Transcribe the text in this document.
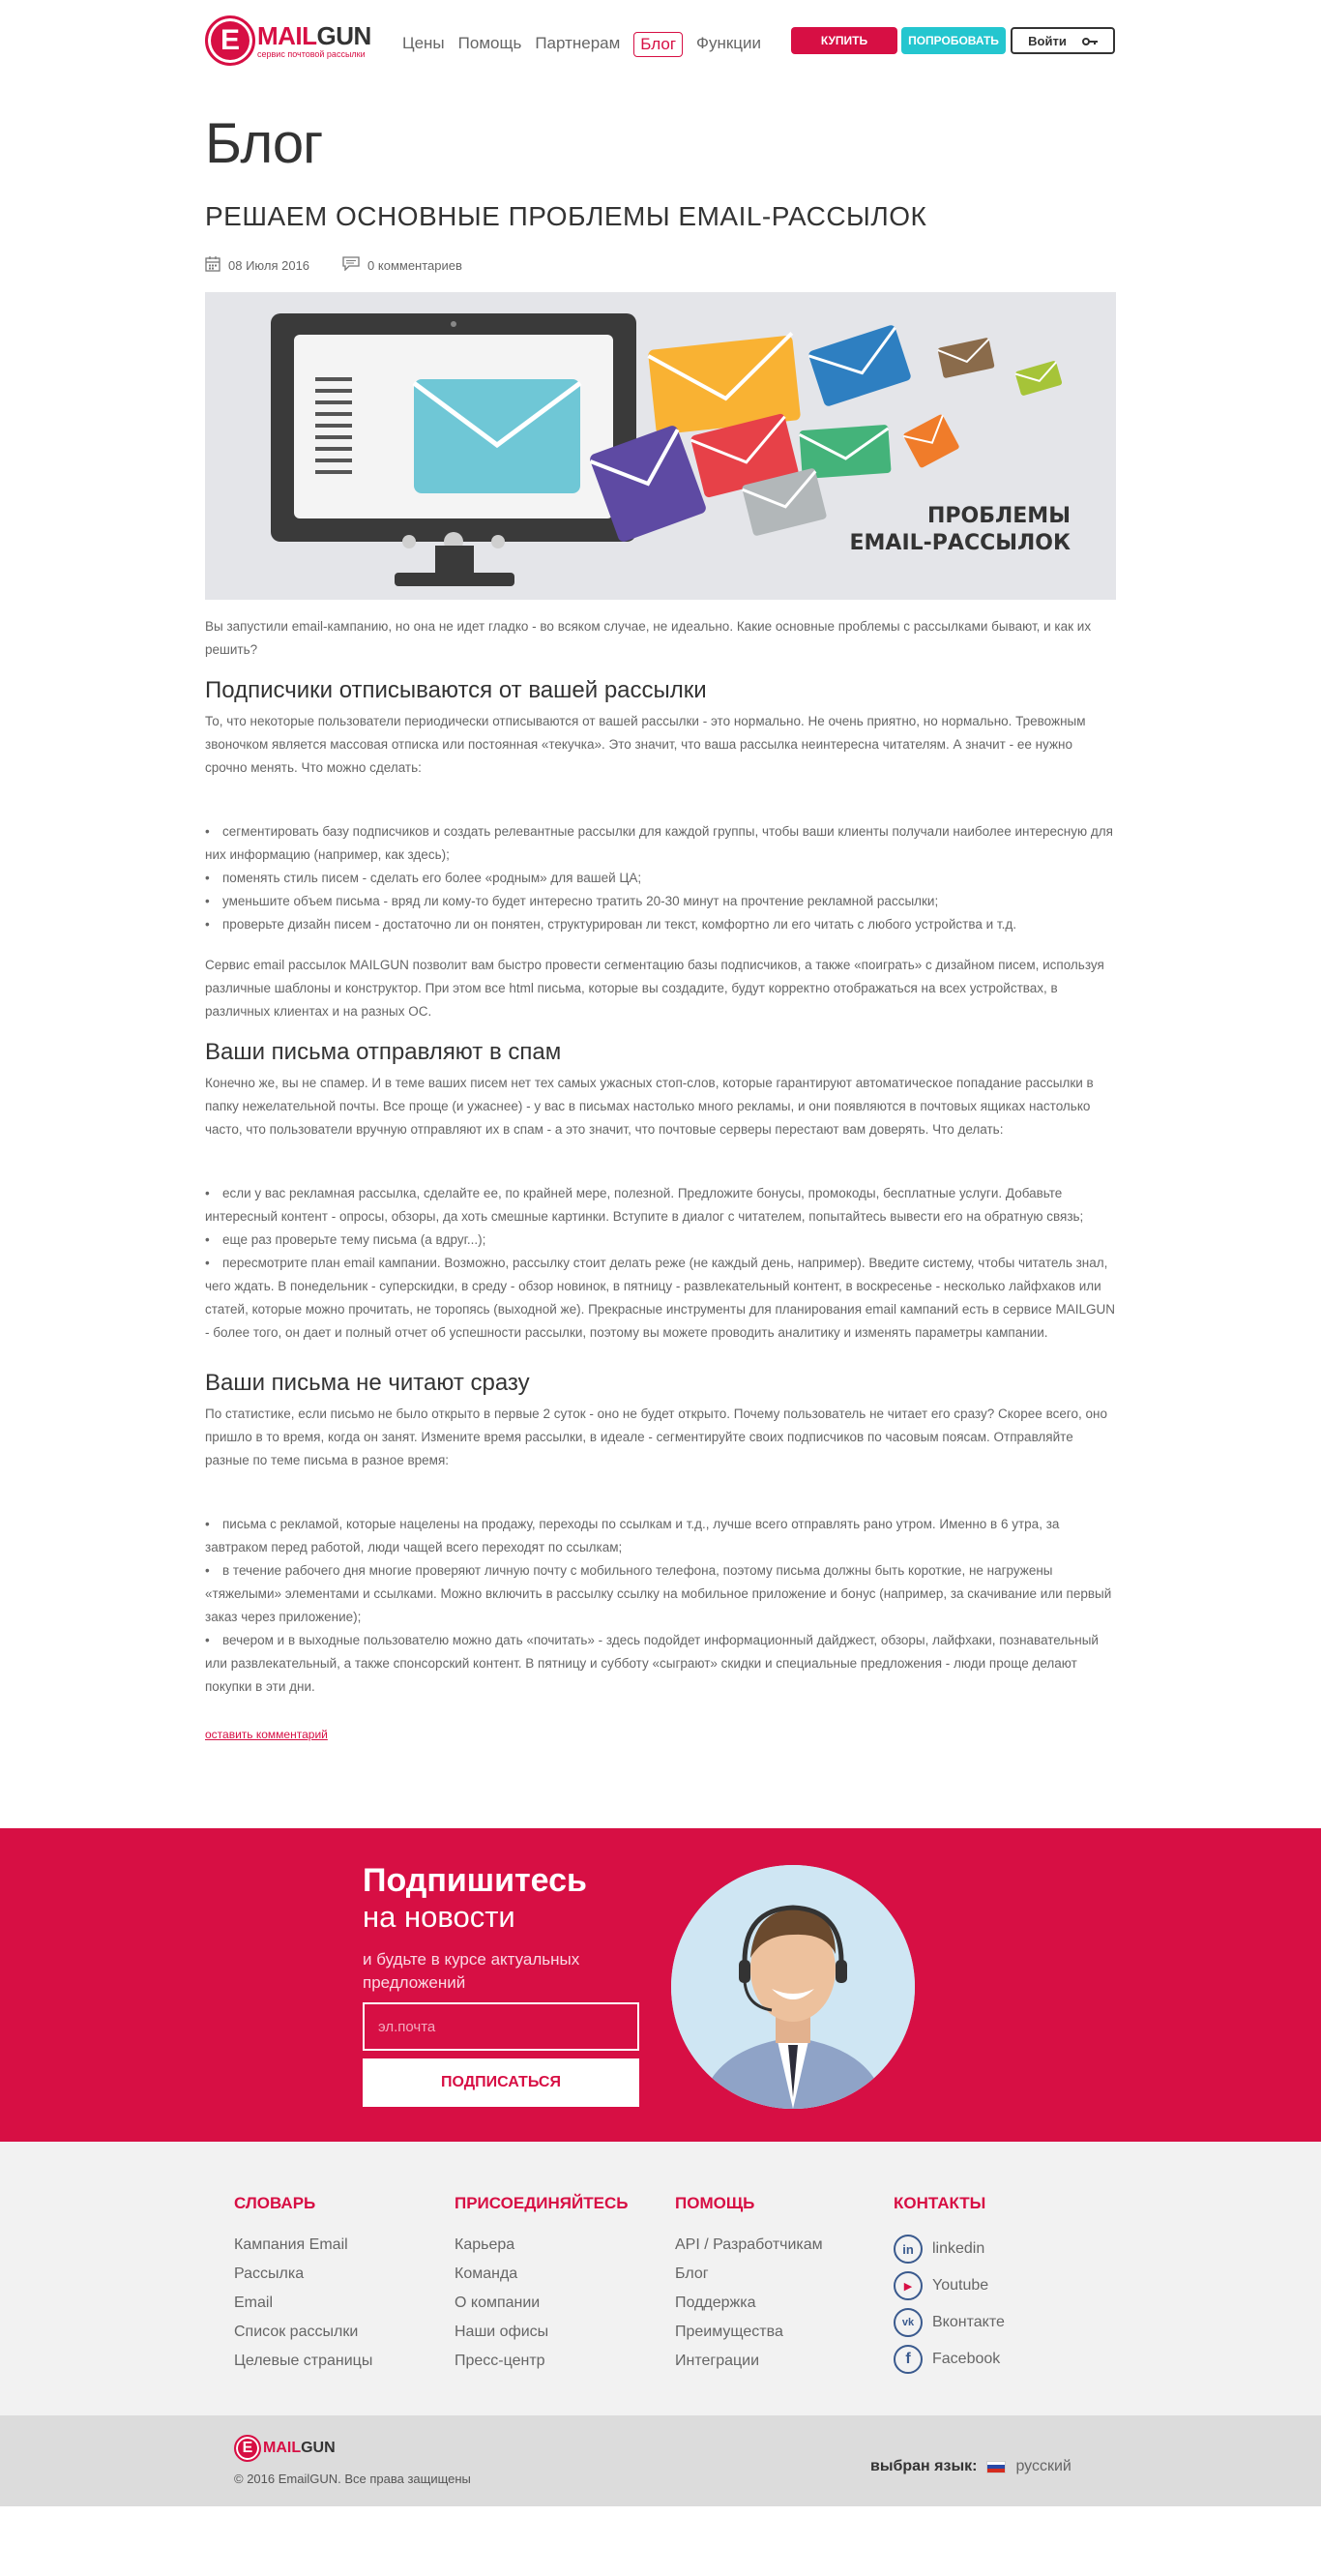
E MAILGUN
сервис почтовой рассылки
Цены Помощь Партнерам	Блог	Функции	КУПИТЬ	ПОПРОБОВАТЬ	Войти
Блог
РЕШАЕМ ОСНОВНЫЕ ПРОБЛЕМЫ EMAIL-РАССЫЛОК
08 Июля 2016	0 комментариев
ПРОБЛЕМЫ
EMAIL-РАССЫЛОК

Вы запустили email-кампанию, но она не идет гладко - во всяком случае, не идеально. Какие основные проблемы с рассылками бывают, и как их решить?

Подписчики отписываются от вашей рассылки

То, что некоторые пользователи периодически отписываются от вашей рассылки - это нормально. Не очень приятно, но нормально. Тревожным звоночком является массовая отписка или постоянная «текучка». Это значит, что ваша рассылка неинтересна читателям. А значит - ее нужно срочно менять. Что можно сделать:

• сегментировать базу подписчиков и создать релевантные рассылки для каждой группы, чтобы ваши клиенты получали наиболее интересную для них информацию (например, как здесь);
• поменять стиль писем - сделать его более «родным» для вашей ЦА;
• уменьшите объем письма - вряд ли кому-то будет интересно тратить 20-30 минут на прочтение рекламной рассылки;
• проверьте дизайн писем - достаточно ли он понятен, структурирован ли текст, комфортно ли его читать с любого устройства и т.д.

Сервис email рассылок MAILGUN позволит вам быстро провести сегментацию базы подписчиков, а также «поиграть» с дизайном писем, используя различные шаблоны и конструктор. При этом все html письма, которые вы создадите, будут корректно отображаться на всех устройствах, в различных клиентах и на разных ОС.

Ваши письма отправляют в спам

Конечно же, вы не спамер. И в теме ваших писем нет тех самых ужасных стоп-слов, которые гарантируют автоматическое попадание рассылки в папку нежелательной почты. Все проще (и ужаснее) - у вас в письмах настолько много рекламы, и они появляются в почтовых ящиках настолько часто, что пользователи вручную отправляют их в спам - а это значит, что почтовые серверы перестают вам доверять. Что делать:

• если у вас рекламная рассылка, сделайте ее, по крайней мере, полезной. Предложите бонусы, промокоды, бесплатные услуги. Добавьте интересный контент - опросы, обзоры, да хоть смешные картинки. Вступите в диалог с читателем, попытайтесь вывести его на обратную связь;
• еще раз проверьте тему письма (а вдруг...);
• пересмотрите план email кампании. Возможно, рассылку стоит делать реже (не каждый день, например). Введите систему, чтобы читатель знал, чего ждать. В понедельник - суперскидки, в среду - обзор новинок, в пятницу - развлекательный контент, в воскресенье - несколько лайфхаков или статей, которые можно прочитать, не торопясь (выходной же). Прекрасные инструменты для планирования email кампаний есть в сервисе MAILGUN - более того, он дает и полный отчет об успешности рассылки, поэтому вы можете проводить аналитику и изменять параметры кампании.
Ваши письма не читают сразу

По статистике, если письмо не было открыто в первые 2 суток - оно не будет открыто. Почему пользователь не читает его сразу? Скорее всего, оно пришло в то время, когда он занят. Измените время рассылки, в идеале - сегментируйте своих подписчиков по часовым поясам. Отправляйте разные по теме письма в разное время:

• письма с рекламой, которые нацелены на продажу, переходы по ссылкам и т.д., лучше всего отправлять рано утром. Именно в 6 утра, за завтраком перед работой, люди чащей всего переходят по ссылкам;
• в течение рабочего дня многие проверяют личную почту с мобильного телефона, поэтому письма должны быть короткие, не нагружены «тяжелыми» элементами и ссылками. Можно включить в рассылку ссылку на мобильное приложение и бонус (например, за скачивание или первый заказ через приложение);
• вечером и в выходные пользователю можно дать «почитать» - здесь подойдет информационный дайджест, обзоры, лайфхаки, познавательный или развлекательный, а также спонсорский контент. В пятницу и субботу «сыграют» скидки и специальные предложения - люди проще делают покупки в эти дни.
оставить комментарий
Подпишитесь
на новости
и будьте в курсе актуальных предложений
эл.почта
ПОДПИСАТЬСЯ
СЛОВАРЬ
Кампания Email
Рассылка
Email
Список рассылки
Целевые страницы
ПРИСОЕДИНЯЙТЕСЬ
Карьера
Команда
О компании
Наши офисы
Пресс-центр
ПОМОЩЬ
API / Разработчикам
Блог
Поддержка
Преимущества
Интеграции
КОНТАКТЫ
in	linkedin
▶	Youtube
vk	Вконтакте
f	Facebook
E MAILGUN
© 2016 EmailGUN. Все права защищены
выбран язык:	русский
